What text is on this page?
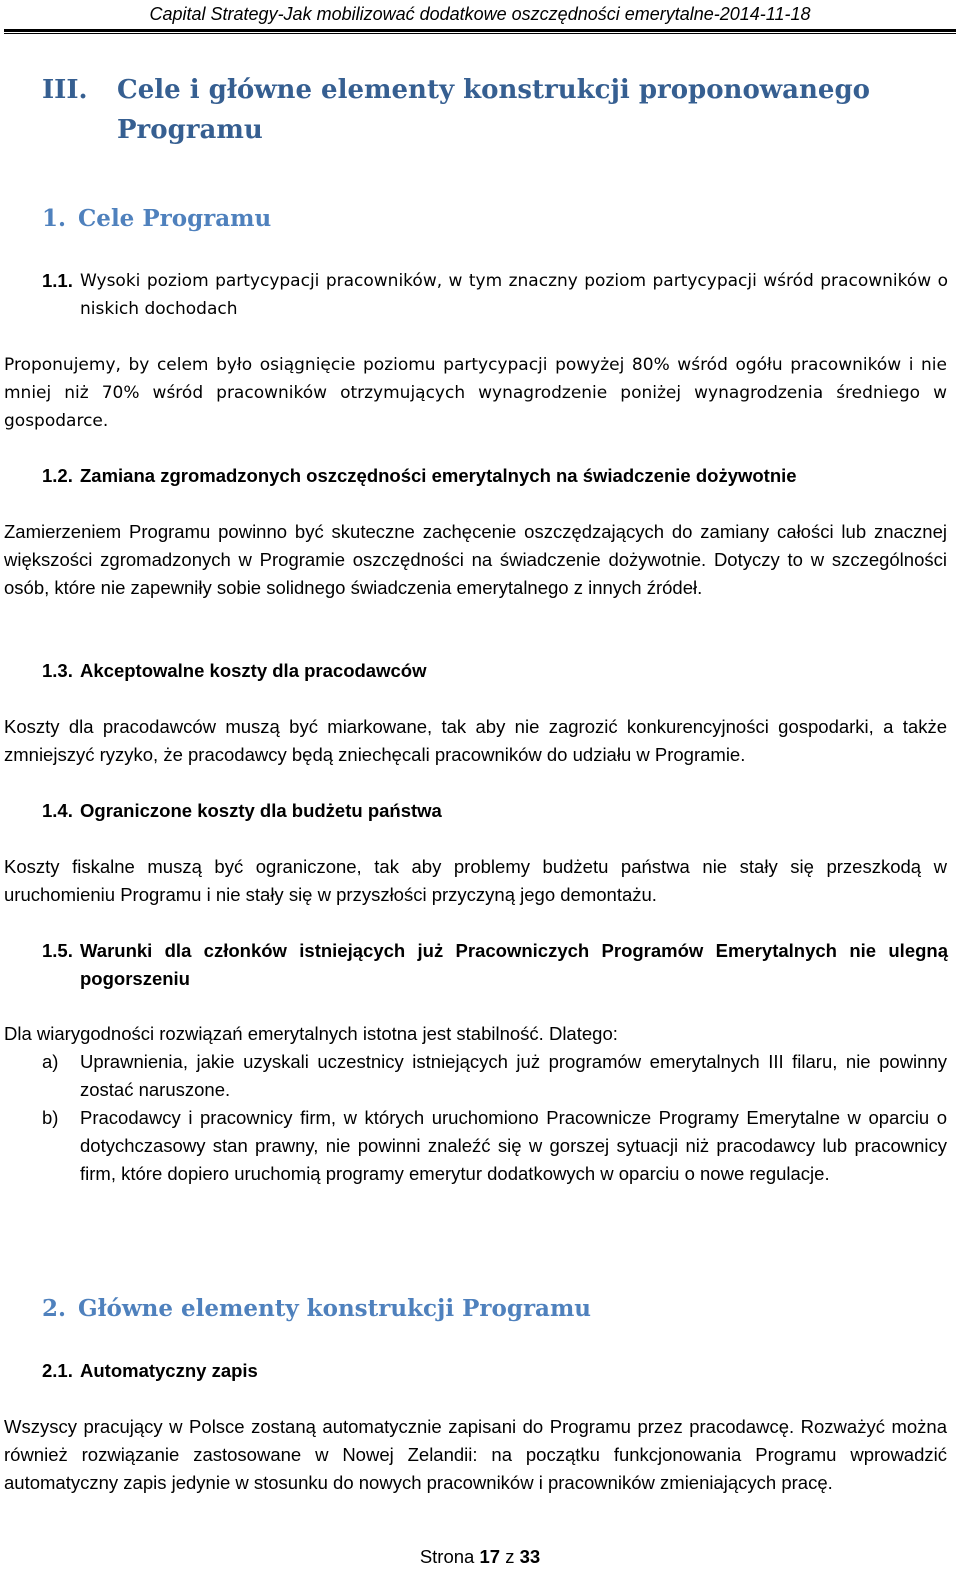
Capital Strategy-Jak mobilizować dodatkowe oszczędności emerytalne-2014-11-18
III. Cele i główne elementy konstrukcji proponowanego Programu
1. Cele Programu
1.1. Wysoki poziom partycypacji pracowników, w tym znaczny poziom partycypacji wśród pracowników o niskich dochodach
Proponujemy, by celem było osiągnięcie poziomu partycypacji powyżej 80% wśród ogółu pracowników i nie mniej niż 70% wśród pracowników otrzymujących wynagrodzenie poniżej wynagrodzenia średniego w gospodarce.
1.2. Zamiana zgromadzonych oszczędności emerytalnych na świadczenie dożywotnie
Zamierzeniem Programu powinno być skuteczne zachęcenie oszczędzających do zamiany całości lub znacznej większości zgromadzonych w Programie oszczędności na świadczenie dożywotnie. Dotyczy to w szczególności osób, które nie zapewniły sobie solidnego świadczenia emerytalnego z innych źródeł.
1.3. Akceptowalne koszty dla pracodawców
Koszty dla pracodawców muszą być miarkowane, tak aby nie zagrozić konkurencyjności gospodarki, a także zmniejszyć ryzyko, że pracodawcy będą zniechęcali pracowników do udziału w Programie.
1.4. Ograniczone koszty dla budżetu państwa
Koszty fiskalne muszą być ograniczone, tak aby problemy budżetu państwa nie stały się przeszkodą w uruchomieniu Programu i nie stały się w przyszłości przyczyną jego demontażu.
1.5. Warunki dla członków istniejących już Pracowniczych Programów Emerytalnych nie ulegną pogorszeniu
Dla wiarygodności rozwiązań emerytalnych istotna jest stabilność. Dlatego:
a) Uprawnienia, jakie uzyskali uczestnicy istniejących już programów emerytalnych III filaru, nie powinny zostać naruszone.
b) Pracodawcy i pracownicy firm, w których uruchomiono Pracownicze Programy Emerytalne w oparciu o dotychczasowy stan prawny, nie powinni znaleźć się w gorszej sytuacji niż pracodawcy lub pracownicy firm, które dopiero uruchomią programy emerytur dodatkowych w oparciu o nowe regulacje.
2. Główne elementy konstrukcji Programu
2.1. Automatyczny zapis
Wszyscy pracujący w Polsce zostaną automatycznie zapisani do Programu przez pracodawcę. Rozważyć można również rozwiązanie zastosowane w Nowej Zelandii: na początku funkcjonowania Programu wprowadzić automatyczny zapis jedynie w stosunku do nowych pracowników i pracowników zmieniających pracę.
Strona 17 z 33
